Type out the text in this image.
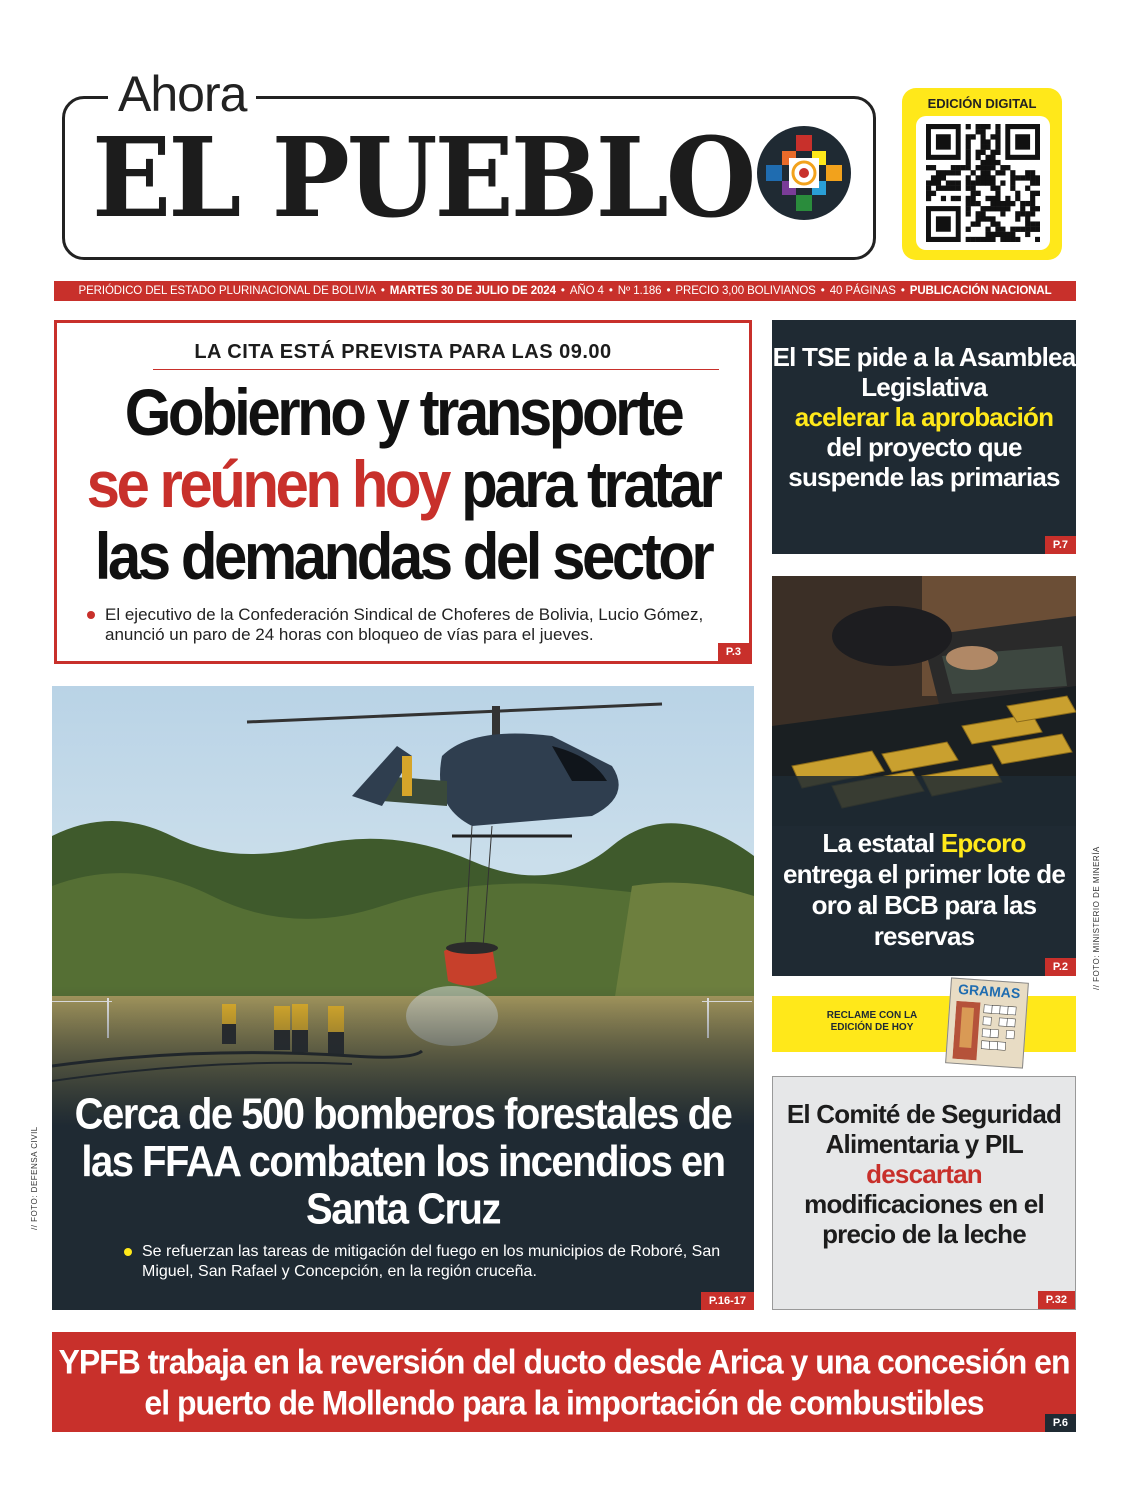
Ahora
EL PUEBLO
EDICIÓN DIGITAL
PERIÓDICO DEL ESTADO PLURINACIONAL DE BOLIVIA • MARTES 30 DE JULIO DE 2024 • AÑO 4 • Nº 1.186 • PRECIO 3,00 BOLIVIANOS • 40 PÁGINAS • PUBLICACIÓN NACIONAL
LA CITA ESTÁ PREVISTA PARA LAS 09.00
Gobierno y transporte
se reúnen hoy para tratar
las demandas del sector
El ejecutivo de la Confederación Sindical de Choferes de Bolivia, Lucio Gómez, anunció un paro de 24 horas con bloqueo de vías para el jueves.
P.3
Cerca de 500 bomberos forestales de las FFAA combaten los incendios en Santa Cruz
Se refuerzan las tareas de mitigación del fuego en los municipios de Roboré, San Miguel, San Rafael y Concepción, en la región cruceña.
P.16-17
// FOTO: DEFENSA CIVIL
El TSE pide a la Asamblea Legislativa
acelerar la aprobación
del proyecto que suspende las primarias
P.7
La estatal Epcoro
entrega el primer lote de oro al BCB para las reservas
P.2	// FOTO: MINISTERIO DE MINERÍA
RECLAME CON LA EDICIÓN DE HOY
GRAMAS
El Comité de Seguridad Alimentaria y PIL descartan
modificaciones en el precio de la leche
P.32
YPFB trabaja en la reversión del ducto desde Arica y una concesión en el puerto de Mollendo para la importación de combustibles
P.6
